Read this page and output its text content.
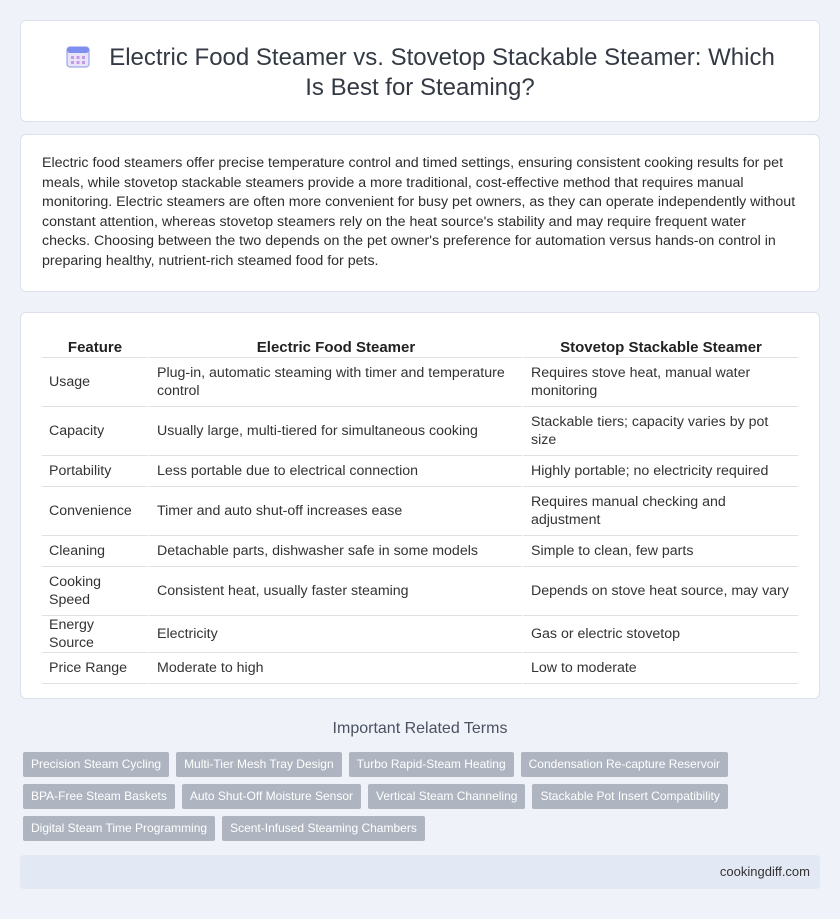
Electric Food Steamer vs. Stovetop Stackable Steamer: Which Is Best for Steaming?

Electric food steamers offer precise temperature control and timed settings, ensuring consistent cooking results for pet meals, while stovetop stackable steamers provide a more traditional, cost-effective method that requires manual monitoring. Electric steamers are often more convenient for busy pet owners, as they can operate independently without constant attention, whereas stovetop steamers rely on the heat source's stability and may require frequent water checks. Choosing between the two depends on the pet owner's preference for automation versus hands-on control in preparing healthy, nutrient-rich steamed food for pets.

Feature	Electric Food Steamer	Stovetop Stackable Steamer
Usage	Plug-in, automatic steaming with timer and temperature control	Requires stove heat, manual water monitoring
Capacity	Usually large, multi-tiered for simultaneous cooking	Stackable tiers; capacity varies by pot size
Portability	Less portable due to electrical connection	Highly portable; no electricity required
Convenience	Timer and auto shut-off increases ease	Requires manual checking and adjustment
Cleaning	Detachable parts, dishwasher safe in some models	Simple to clean, few parts
Cooking Speed	Consistent heat, usually faster steaming	Depends on stove heat source, may vary
Energy Source	Electricity	Gas or electric stovetop
Price Range	Moderate to high	Low to moderate
Important Related Terms
Precision Steam Cycling	Multi-Tier Mesh Tray Design	Turbo Rapid-Steam Heating	Condensation Re-capture Reservoir
BPA-Free Steam Baskets	Auto Shut-Off Moisture Sensor	Vertical Steam Channeling	Stackable Pot Insert Compatibility
Digital Steam Time Programming	Scent-Infused Steaming Chambers
cookingdiff.com
